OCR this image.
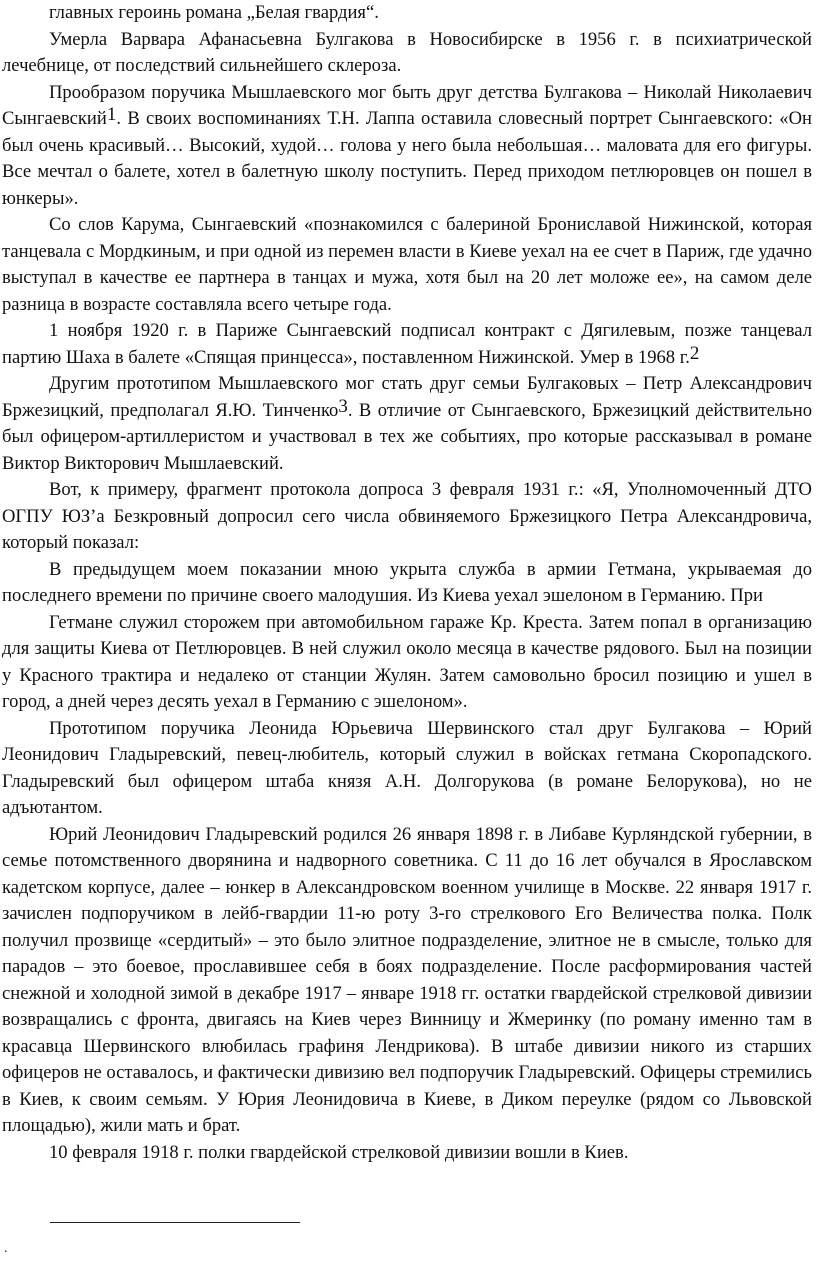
главных героинь романа „Белая гвардия“.

Умерла Варвара Афанасьевна Булгакова в Новосибирске в 1956 г. в психиатрической лечебнице, от последствий сильнейшего склероза.

Прообразом поручика Мышлаевского мог быть друг детства Булгакова – Николай Николаевич Сынгаевский$^1$. В своих воспоминаниях Т.Н. Лаппа оставила словесный портрет Сынгаевского: «Он был очень красивый… Высокий, худой… голова у него была небольшая… маловата для его фигуры. Все мечтал о балете, хотел в балетную школу поступить. Перед приходом петлюровцев он пошел в юнкеры».

Со слов Карума, Сынгаевский «познакомился с балериной Брониславой Нижинской, которая танцевала с Мордкиным, и при одной из перемен власти в Киеве уехал на ее счет в Париж, где удачно выступал в качестве ее партнера в танцах и мужа, хотя был на 20 лет моложе ее», на самом деле разница в возрасте составляла всего четыре года.

1 ноября 1920 г. в Париже Сынгаевский подписал контракт с Дягилевым, позже танцевал партию Шаха в балете «Спящая принцесса», поставленном Нижинской. Умер в 1968 г.$^2$

Другим прототипом Мышлаевского мог стать друг семьи Булгаковых – Петр Александрович Бржезицкий, предполагал Я.Ю. Тинченко$^3$. В отличие от Сынгаевского, Бржезицкий действительно был офицером-артиллеристом и участвовал в тех же событиях, про которые рассказывал в романе Виктор Викторович Мышлаевский.

Вот, к примеру, фрагмент протокола допроса 3 февраля 1931 г.: «Я, Уполномоченный ДТО ОГПУ ЮЗ’а Безкровный допросил сего числа обвиняемого Бржезицкого Петра Александровича, который показал:

В предыдущем моем показании мною укрыта служба в армии Гетмана, укрываемая до последнего времени по причине своего малодушия. Из Киева уехал эшелоном в Германию. При

Гетмане служил сторожем при автомобильном гараже Кр. Креста. Затем попал в организацию для защиты Киева от Петлюровцев. В ней служил около месяца в качестве рядового. Был на позиции у Красного трактира и недалеко от станции Жулян. Затем самовольно бросил позицию и ушел в город, а дней через десять уехал в Германию с эшелоном».

Прототипом поручика Леонида Юрьевича Шервинского стал друг Булгакова – Юрий Леонидович Гладыревский, певец-любитель, который служил в войсках гетмана Скоропадского. Гладыревский был офицером штаба князя А.Н. Долгорукова (в романе Белорукова), но не адъютантом.

Юрий Леонидович Гладыревский родился 26 января 1898 г. в Либаве Курляндской губернии, в семье потомственного дворянина и надворного советника. С 11 до 16 лет обучался в Ярославском кадетском корпусе, далее – юнкер в Александровском военном училище в Москве. 22 января 1917 г. зачислен подпоручиком в лейб-гвардии 11-ю роту 3-го стрелкового Его Величества полка. Полк получил прозвище «сердитый» – это было элитное подразделение, элитное не в смысле, только для парадов – это боевое, прославившее себя в боях подразделение. После расформирования частей снежной и холодной зимой в декабре 1917 – январе 1918 гг. остатки гвардейской стрелковой дивизии возвращались с фронта, двигаясь на Киев через Винницу и Жмеринку (по роману именно там в красавца Шервинского влюбилась графиня Лендрикова). В штабе дивизии никого из старших офицеров не оставалось, и фактически дивизию вел подпоручик Гладыревский. Офицеры стремились в Киев, к своим семьям. У Юрия Леонидовича в Киеве, в Диком переулке (рядом со Львовской площадью), жили мать и брат.

10 февраля 1918 г. полки гвардейской стрелковой дивизии вошли в Киев.

.
